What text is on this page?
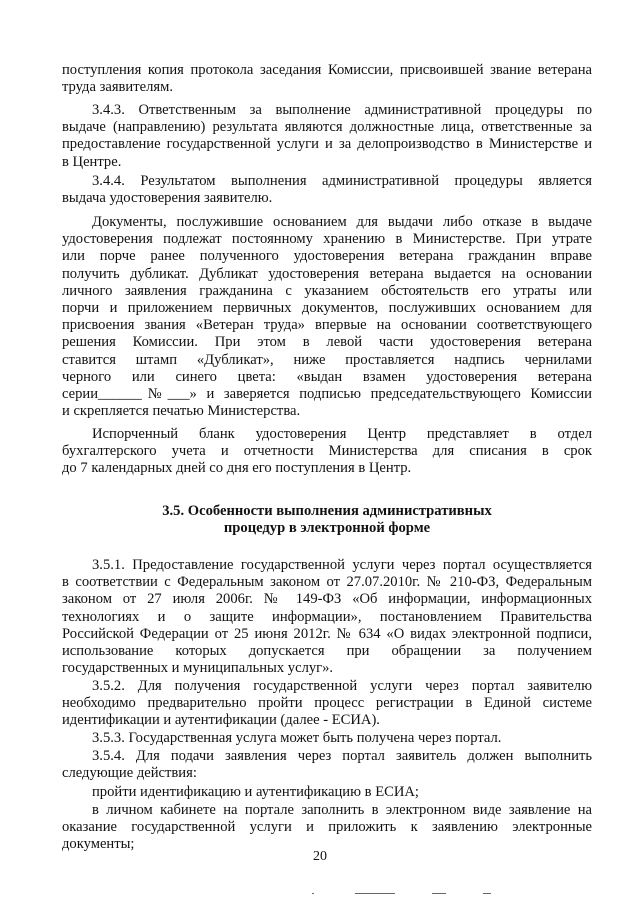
поступления копия протокола заседания Комиссии, присвоившей звание ветерана
труда заявителям.
3.4.3. Ответственным за выполнение административной процедуры по
выдаче (направлению) результата являются должностные лица, ответственные за
предоставление государственной услуги и за делопроизводство в Министерстве и
в Центре.
3.4.4. Результатом выполнения административной процедуры является
выдача удостоверения заявителю.
Документы, послужившие основанием для выдачи либо отказе в выдаче
удостоверения подлежат постоянному хранению в Министерстве. При утрате
или порче ранее полученного удостоверения ветерана гражданин вправе
получить дубликат. Дубликат удостоверения ветерана выдается на основании
личного заявления гражданина с указанием обстоятельств его утраты или
порчи и приложением первичных документов, послуживших основанием для
присвоения звания «Ветеран труда» впервые на основании соответствующего
решения Комиссии. При этом в левой части удостоверения ветерана
ставится штамп «Дубликат», ниже проставляется надпись чернилами
черного или синего цвета: «выдан взамен удостоверения ветерана
серии______№___» и заверяется подписью председательствующего Комиссии
и скрепляется печатью Министерства.
Испорченный бланк удостоверения Центр представляет в отдел
бухгалтерского учета и отчетности Министерства для списания в срок
до 7 календарных дней со дня его поступления в Центр.
3.5. Особенности выполнения административных
процедур в электронной форме
3.5.1. Предоставление государственной услуги через портал осуществляется
в соответствии с Федеральным законом от 27.07.2010г. № 210-ФЗ, Федеральным
законом от 27 июля 2006г. № 149-ФЗ «Об информации, информационных
технологиях и о защите информации», постановлением Правительства
Российской Федерации от 25 июня 2012г. № 634 «О видах электронной подписи,
использование которых допускается при обращении за получением
государственных и муниципальных услуг».
3.5.2. Для получения государственной услуги через портал заявителю
необходимо предварительно пройти процесс регистрации в Единой системе
идентификации и аутентификации (далее - ЕСИА).
3.5.3. Государственная услуга может быть получена через портал.
3.5.4. Для подачи заявления через портал заявитель должен выполнить
следующие действия:
пройти идентификацию и аутентификацию в ЕСИА;
в личном кабинете на портале заполнить в электронном виде заявление на
оказание государственной услуги и приложить к заявлению электронные
документы;
20
